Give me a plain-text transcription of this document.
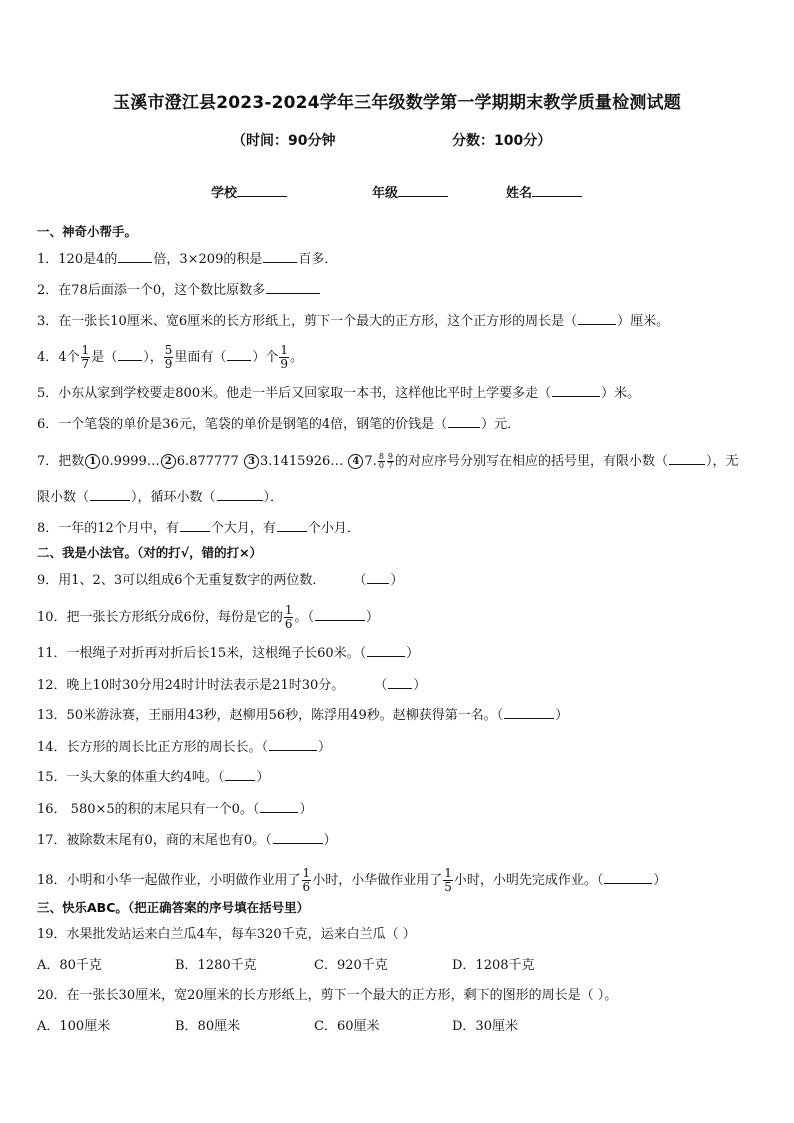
玉溪市澄江县2023-2024学年三年级数学第一学期期末教学质量检测试题
（时间：90分钟	分数：100分）
学校	年级	姓名
一、神奇小帮手。
1．120是4的	倍，3×209的积是	百多．
2．在78后面添一个0，这个数比原数多
3．在一张长10厘米、宽6厘米的长方形纸上，剪下一个最大的正方形，这个正方形的周长是（	）厘米。
4．4个 $\frac{1}{7}$ 是（ ）， $\frac{5}{9}$ 里面有（ ）个 $\frac{1}{9}$ 。
5．小东从家到学校要走800米。他走一半后又回家取一本书，这样他比平时上学要多走（	）米。
6．一个笔袋的单价是36元，笔袋的单价是钢笔的4倍，钢笔的价钱是（	）元．
7．把数 1 0.9999… 2 6.877777 3 3.1415926… 4 7. $\frac{8}{0} \frac{9}{7}$ 的对应序号分别写在相应的括号里，有限小数（	），无
限小数（	），循环小数（	）．
8．一年的12个月中，有 个大月，有 个小月．
二、我是小法官。（对的打√，错的打×）
9．用1、2、3可以组成6个无重复数字的两位数． （ ）
10．把一张长方形纸分成6份，每份是它的 $\frac{1}{6}$ 。（	）
11．一根绳子对折再对折后长15米，这根绳子长60米。（	）
12．晚上10时30分用24时计时法表示是21时30分。 （ ）
13．50米游泳赛，王丽用43秒，赵柳用56秒，陈浮用49秒。赵柳获得第一名。（	）
14．长方形的周长比正方形的周长长。（	）
15．一头大象的体重大约4吨。（ ）
16． 580×5的积的末尾只有一个0。（	）
17．被除数末尾有0，商的末尾也有0。（	）
18．小明和小华一起做作业，小明做作业用了 $\frac{1}{6}$ 小时，小华做作业用了 $\frac{1}{5}$ 小时，小明先完成作业。（	）
三、快乐ABC。（把正确答案的序号填在括号里）
19．水果批发站运来白兰瓜4车，每车320千克，运来白兰瓜（ ）
A．80千克	B．1280千克	C．920千克	D．1208千克
20．在一张长30厘米，宽20厘米的长方形纸上，剪下一个最大的正方形，剩下的图形的周长是（ ）。
A．100厘米	B．80厘米	C．60厘米	D．30厘米
